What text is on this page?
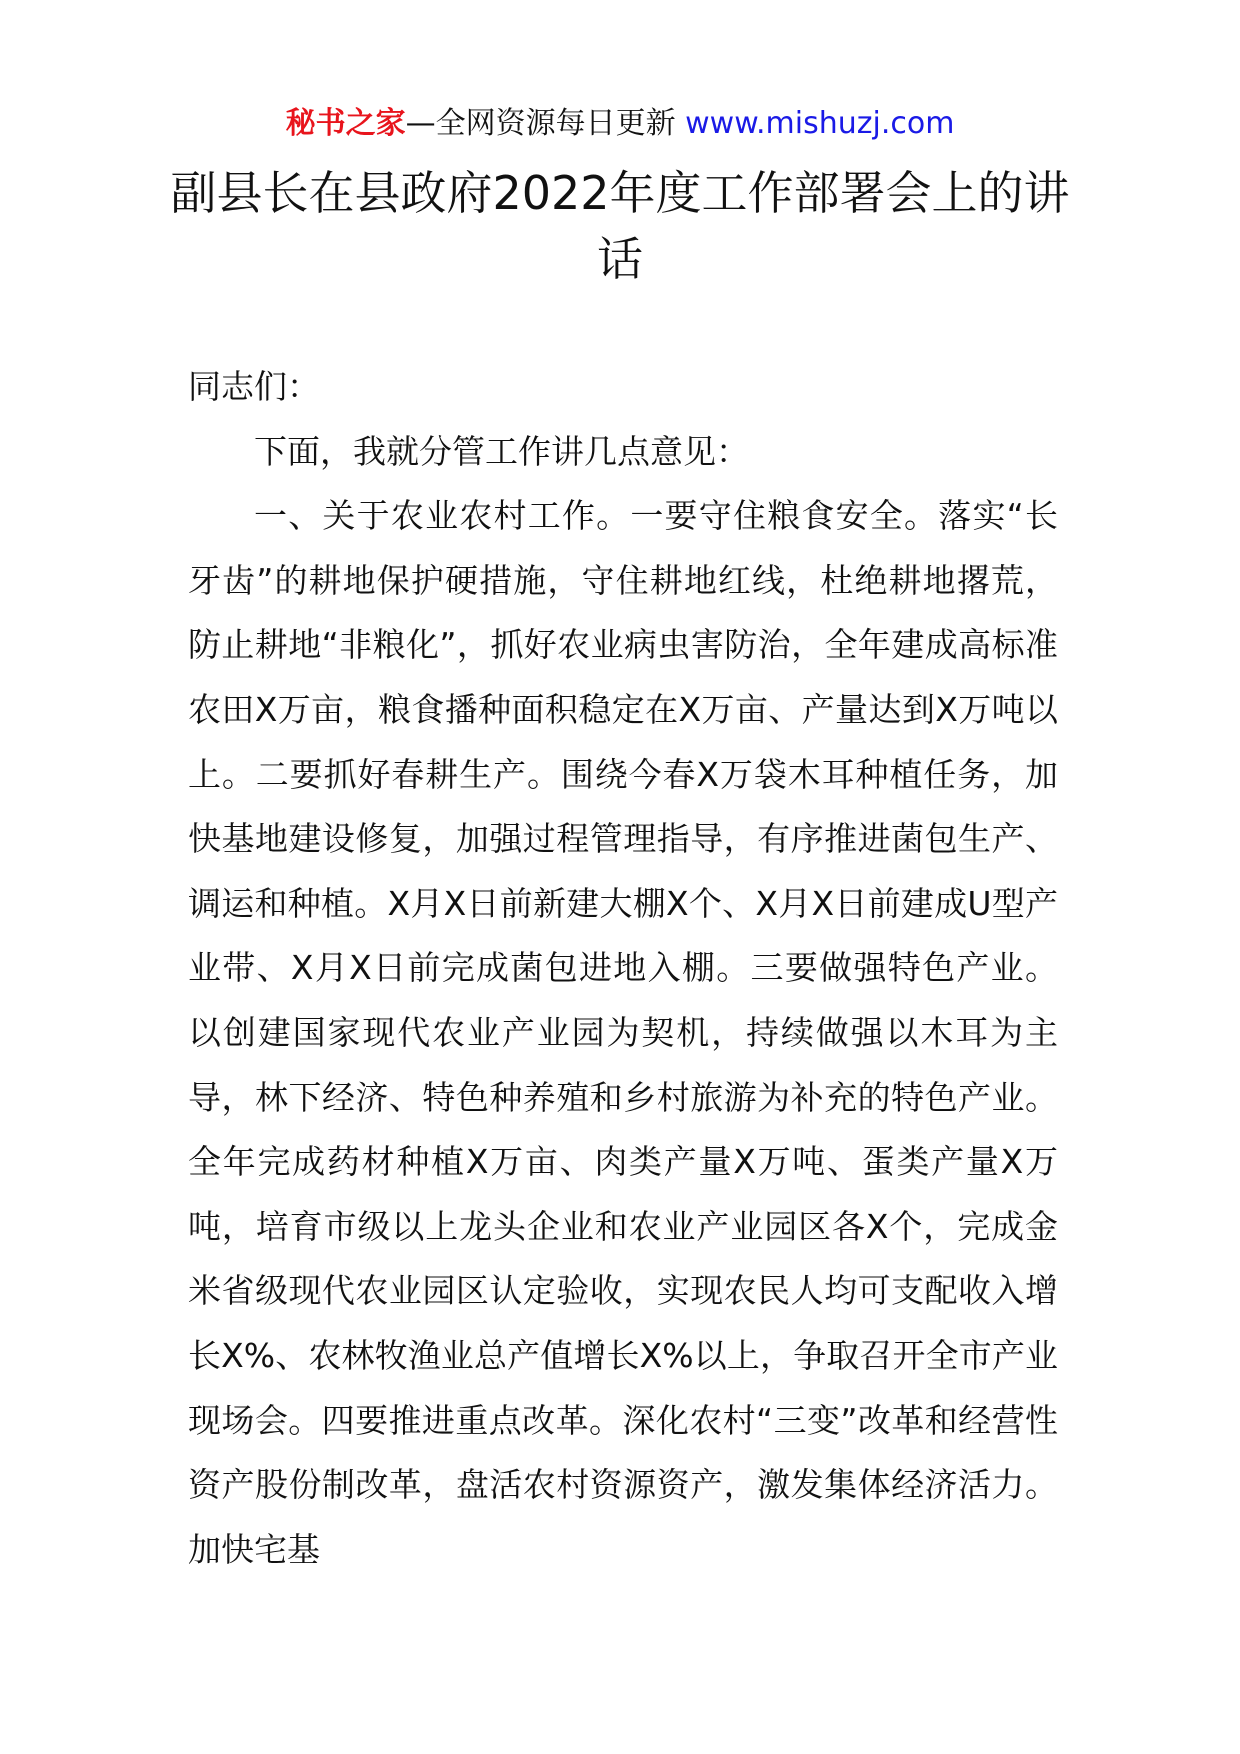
秘书之家—全网资源每日更新 www.mishuzj.com
副县长在县政府2022年度工作部署会上的讲话

同志们：

下面，我就分管工作讲几点意见：

一、关于农业农村工作。一要守住粮食安全。落实“长牙齿”的耕地保护硬措施，守住耕地红线，杜绝耕地撂荒，防止耕地“非粮化”，抓好农业病虫害防治，全年建成高标准农田X万亩，粮食播种面积稳定在X万亩、产量达到X万吨以上。二要抓好春耕生产。围绕今春X万袋木耳种植任务，加快基地建设修复，加强过程管理指导，有序推进菌包生产、调运和种植。X月X日前新建大棚X个、X月X日前建成U型产业带、X月X日前完成菌包进地入棚。三要做强特色产业。以创建国家现代农业产业园为契机，持续做强以木耳为主导，林下经济、特色种养殖和乡村旅游为补充的特色产业。全年完成药材种植X万亩、肉类产量X万吨、蛋类产量X万吨，培育市级以上龙头企业和农业产业园区各X个，完成金米省级现代农业园区认定验收，实现农民人均可支配收入增长X%、农林牧渔业总产值增长X%以上，争取召开全市产业现场会。四要推进重点改革。深化农村“三变”改革和经营性资产股份制改革，盘活农村资源资产，激发集体经济活力。加快宅基
